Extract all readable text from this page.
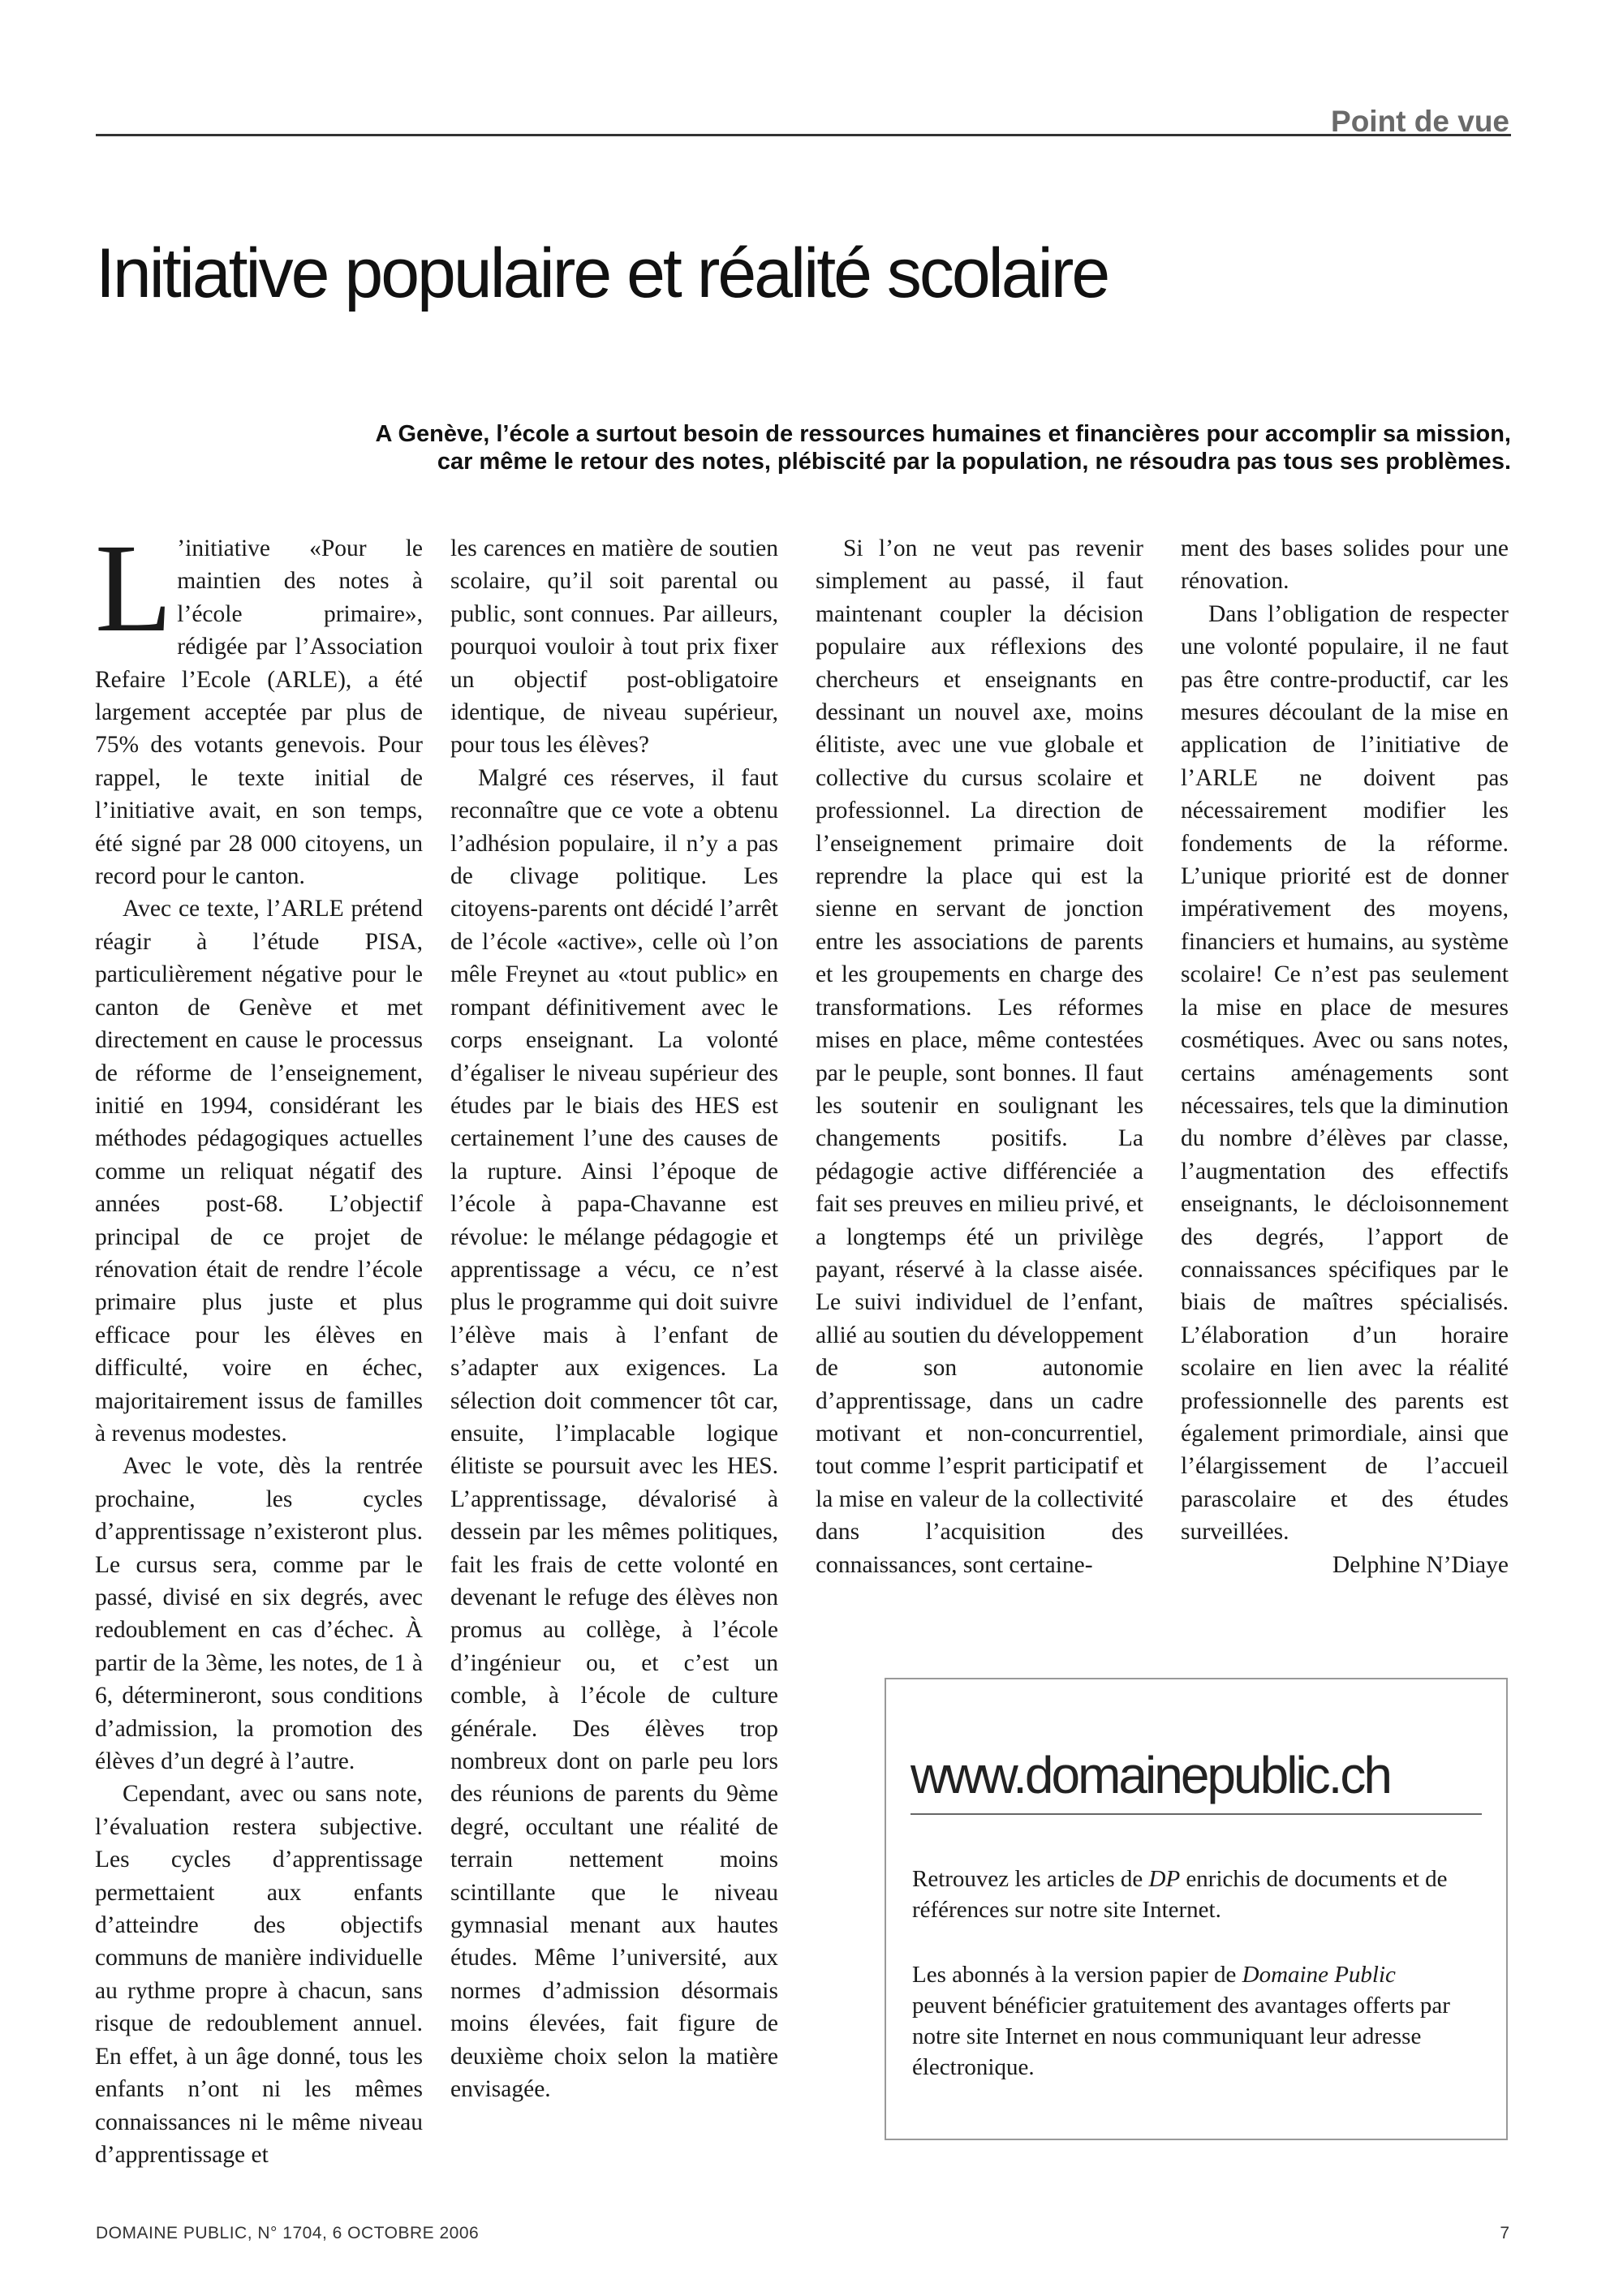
Point de vue
Initiative populaire et réalité scolaire

A Genève, l’école a surtout besoin de ressources humaines et financières pour accomplir sa mission,
car même le retour des notes, plébiscité par la population, ne résoudra pas tous ses problèmes.

L ’initiative «Pour le maintien des notes à l’école primaire», rédigée par l’Association Refaire l’Ecole (ARLE), a été largement acceptée par plus de 75% des votants genevois. Pour rappel, le texte initial de l’initiative avait, en son temps, été signé par 28 000 citoyens, un record pour le canton.

Avec ce texte, l’ARLE prétend réagir à l’étude PISA, particulièrement négative pour le canton de Genève et met directement en cause le processus de réforme de l’enseignement, initié en 1994, considérant les méthodes pédagogiques actuelles comme un reliquat négatif des années post-68. L’objectif principal de ce projet de rénovation était de rendre l’école primaire plus juste et plus efficace pour les élèves en difficulté, voire en échec, majoritairement issus de familles à revenus modestes.

Avec le vote, dès la rentrée prochaine, les cycles d’apprentissage n’existeront plus. Le cursus sera, comme par le passé, divisé en six degrés, avec redoublement en cas d’échec. À partir de la 3ème, les notes, de 1 à 6, détermineront, sous conditions d’admission, la promotion des élèves d’un degré à l’autre.

Cependant, avec ou sans note, l’évaluation restera subjective. Les cycles d’apprentissage permettaient aux enfants d’atteindre des objectifs communs de manière individuelle au rythme propre à chacun, sans risque de redoublement annuel. En effet, à un âge donné, tous les enfants n’ont ni les mêmes connaissances ni le même niveau d’apprentissage et

les carences en matière de soutien scolaire, qu’il soit parental ou public, sont connues. Par ailleurs, pourquoi vouloir à tout prix fixer un objectif post-obligatoire identique, de niveau supérieur, pour tous les élèves?

Malgré ces réserves, il faut reconnaître que ce vote a obtenu l’adhésion populaire, il n’y a pas de clivage politique. Les citoyens-parents ont décidé l’arrêt de l’école «active», celle où l’on mêle Freynet au «tout public» en rompant définitivement avec le corps enseignant. La volonté d’égaliser le niveau supérieur des études par le biais des HES est certainement l’une des causes de la rupture. Ainsi l’époque de l’école à papa-Chavanne est révolue: le mélange pédagogie et apprentissage a vécu, ce n’est plus le programme qui doit suivre l’élève mais à l’enfant de s’adapter aux exigences. La sélection doit commencer tôt car, ensuite, l’implacable logique élitiste se poursuit avec les HES. L’apprentissage, dévalorisé à dessein par les mêmes politiques, fait les frais de cette volonté en devenant le refuge des élèves non promus au collège, à l’école d’ingénieur ou, et c’est un comble, à l’école de culture générale. Des élèves trop nombreux dont on parle peu lors des réunions de parents du 9ème degré, occultant une réalité de terrain nettement moins scintillante que le niveau gymnasial menant aux hautes études. Même l’université, aux normes d’admission désormais moins élevées, fait figure de deuxième choix selon la matière envisagée.

Si l’on ne veut pas revenir simplement au passé, il faut maintenant coupler la décision populaire aux réflexions des chercheurs et enseignants en dessinant un nouvel axe, moins élitiste, avec une vue globale et collective du cursus scolaire et professionnel. La direction de l’enseignement primaire doit reprendre la place qui est la sienne en servant de jonction entre les associations de parents et les groupements en charge des transformations. Les réformes mises en place, même contestées par le peuple, sont bonnes. Il faut les soutenir en soulignant les changements positifs. La pédagogie active différenciée a fait ses preuves en milieu privé, et a longtemps été un privilège payant, réservé à la classe aisée. Le suivi individuel de l’enfant, allié au soutien du développement de son autonomie d’apprentissage, dans un cadre motivant et non-concurrentiel, tout comme l’esprit participatif et la mise en valeur de la collectivité dans l’acquisition des connaissances, sont certaine-

ment des bases solides pour une rénovation.

Dans l’obligation de respecter une volonté populaire, il ne faut pas être contre-productif, car les mesures découlant de la mise en application de l’initiative de l’ARLE ne doivent pas nécessairement modifier les fondements de la réforme. L’unique priorité est de donner impérativement des moyens, financiers et humains, au système scolaire! Ce n’est pas seulement la mise en place de mesures cosmétiques. Avec ou sans notes, certains aménagements sont nécessaires, tels que la diminution du nombre d’élèves par classe, l’augmentation des effectifs enseignants, le décloisonnement des degrés, l’apport de connaissances spécifiques par le biais de maîtres spécialisés. L’élaboration d’un horaire scolaire en lien avec la réalité professionnelle des parents est également primordiale, ainsi que l’élargissement de l’accueil parascolaire et des études surveillées.

Delphine N’Diaye

www.domainepublic.ch

Retrouvez les articles de DP enrichis de documents et de références sur notre site Internet.

Les abonnés à la version papier de Domaine Public peuvent bénéficier gratuitement des avantages offerts par notre site Internet en nous communiquant leur adresse électronique.

DOMAINE PUBLIC, N° 1704, 6 OCTOBRE 2006	7
